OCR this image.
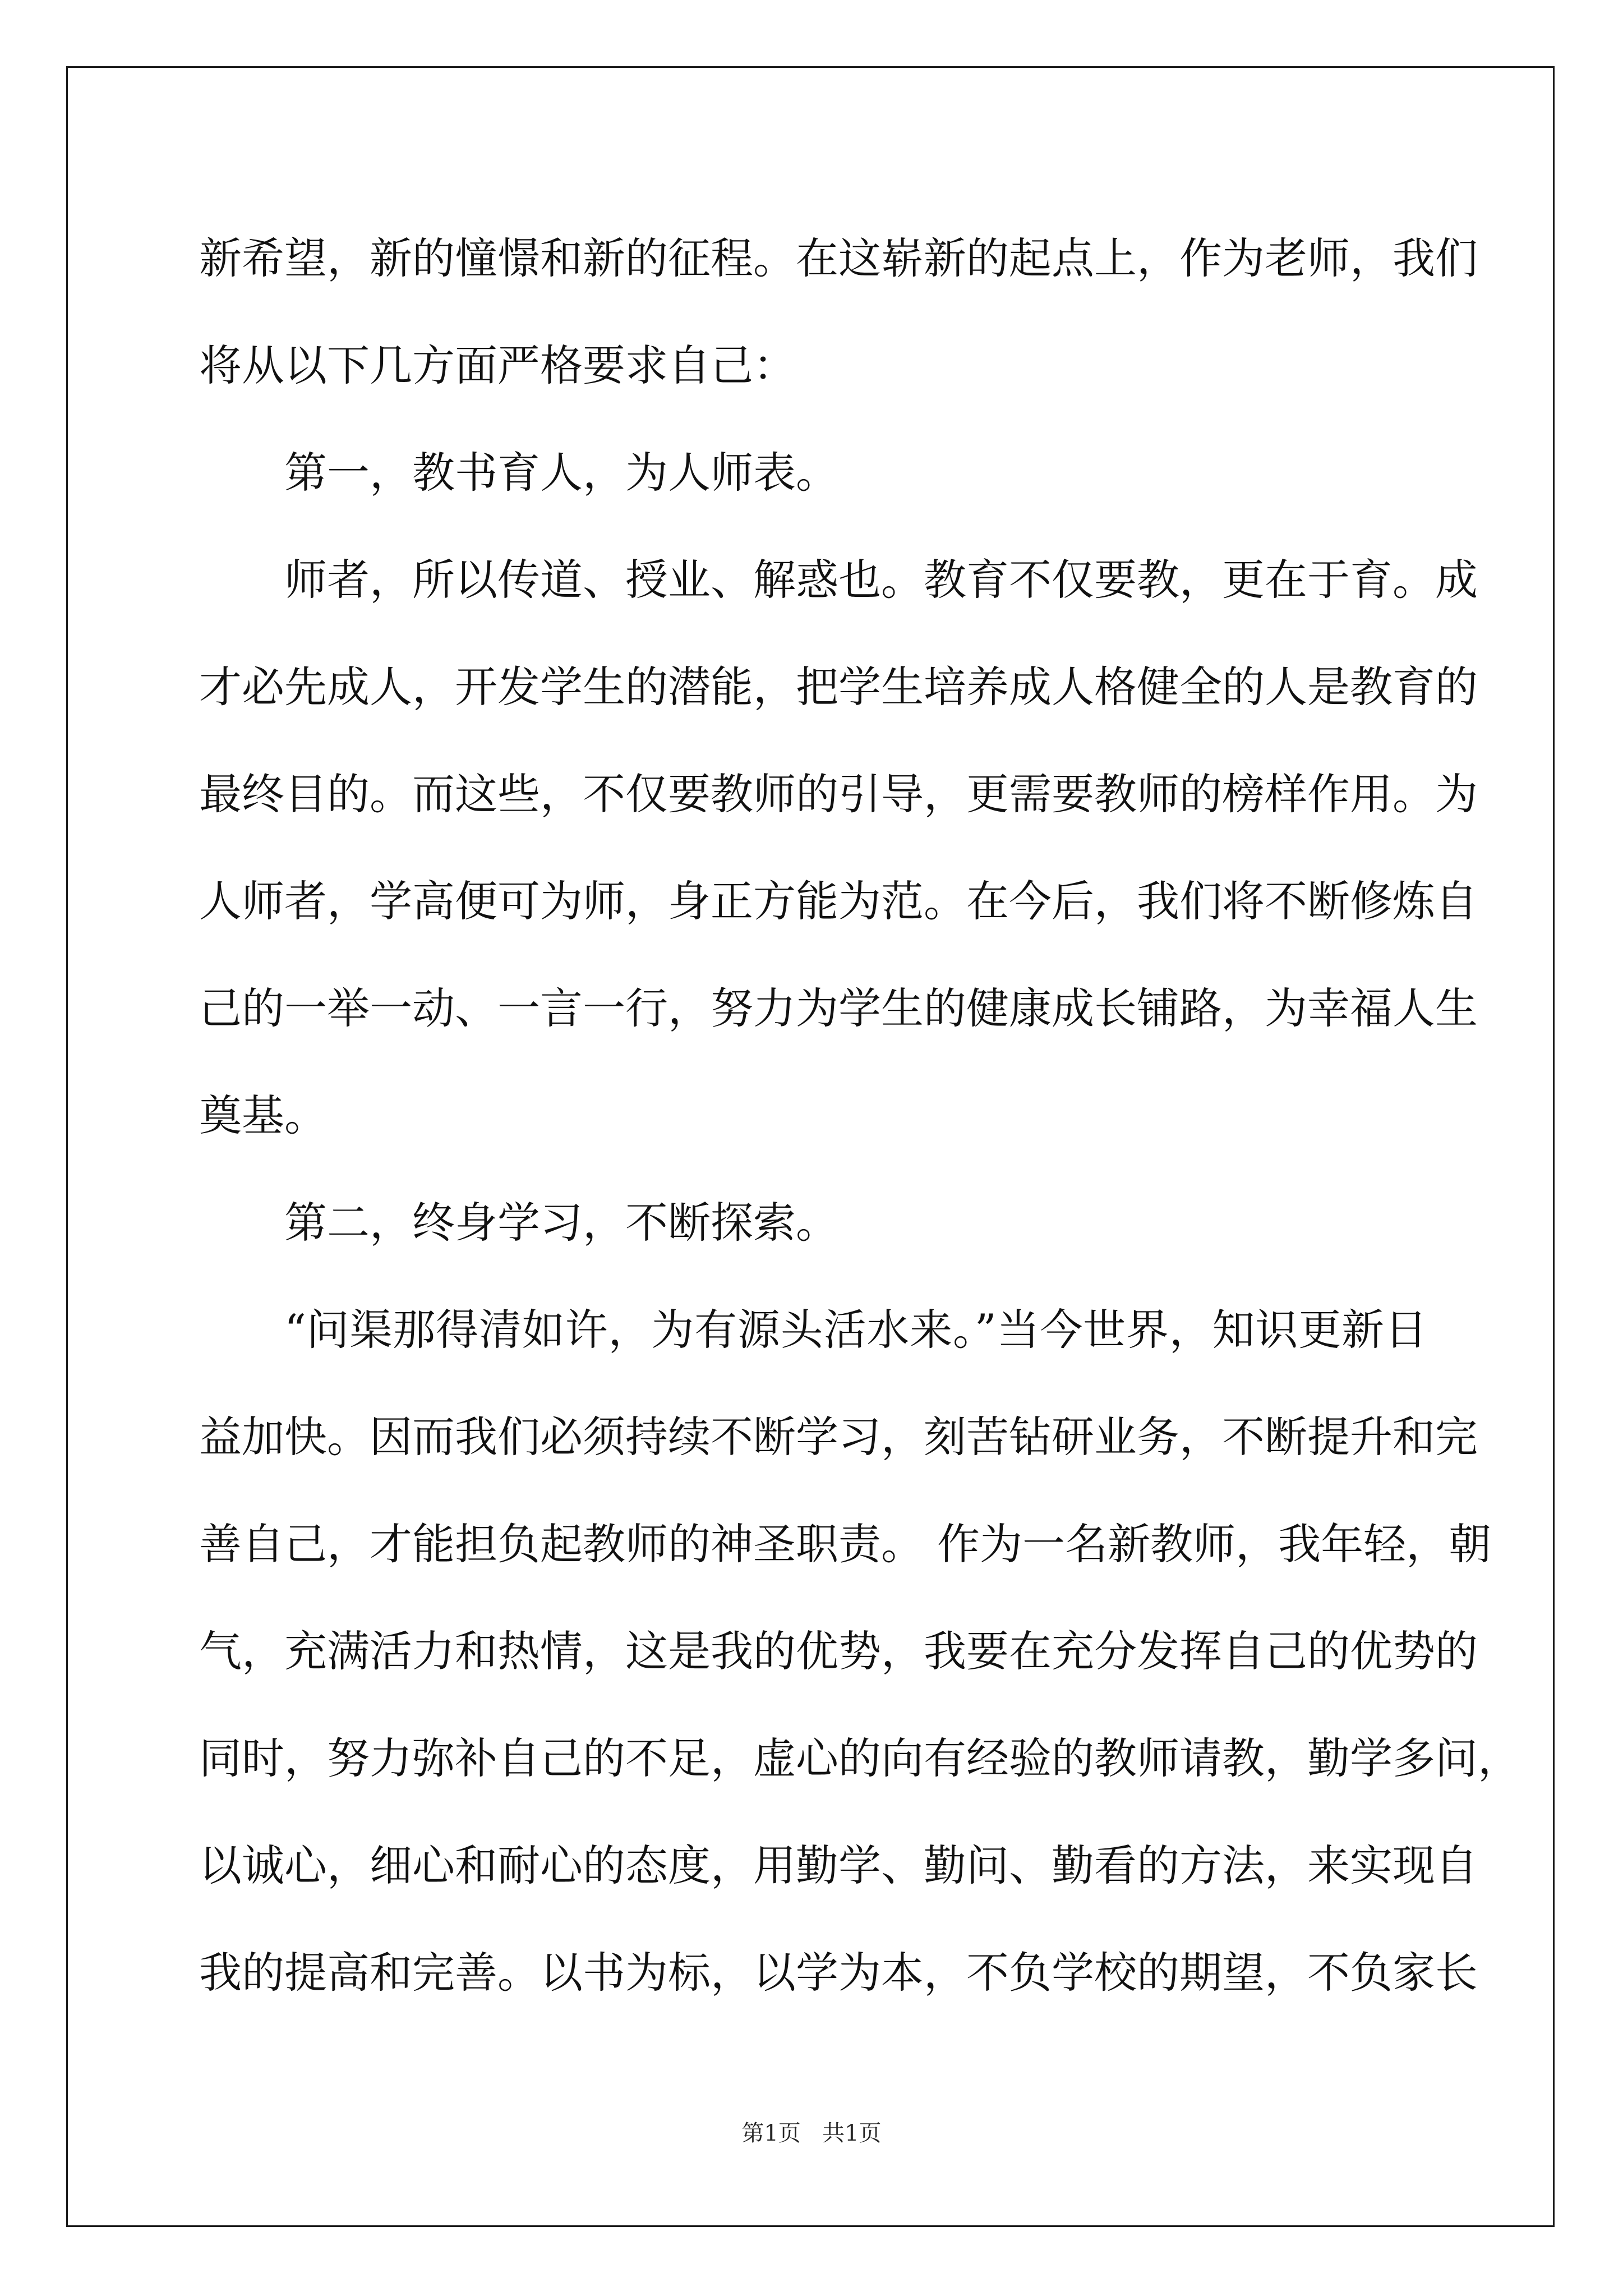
新希望，新的憧憬和新的征程。在这崭新的起点上，作为老师，我们
将从以下几方面严格要求自己：
第一，教书育人，为人师表。
师者，所以传道、授业、解惑也。教育不仅要教，更在于育。成
才必先成人，开发学生的潜能，把学生培养成人格健全的人是教育的
最终目的。而这些，不仅要教师的引导，更需要教师的榜样作用。为
人师者，学高便可为师，身正方能为范。在今后，我们将不断修炼自
己的一举一动、一言一行，努力为学生的健康成长铺路，为幸福人生
奠基。
第二，终身学习，不断探索。
“问渠那得清如许，为有源头活水来。”当今世界，知识更新日
益加快。因而我们必须持续不断学习，刻苦钻研业务，不断提升和完
善自己，才能担负起教师的神圣职责。 作为一名新教师，我年轻，朝
气，充满活力和热情，这是我的优势，我要在充分发挥自己的优势的
同时，努力弥补自己的不足，虚心的向有经验的教师请教，勤学多问，
以诚心，细心和耐心的态度，用勤学、勤问、勤看的方法，来实现自
我的提高和完善。以书为标，以学为本，不负学校的期望，不负家长
第1页 共1页
